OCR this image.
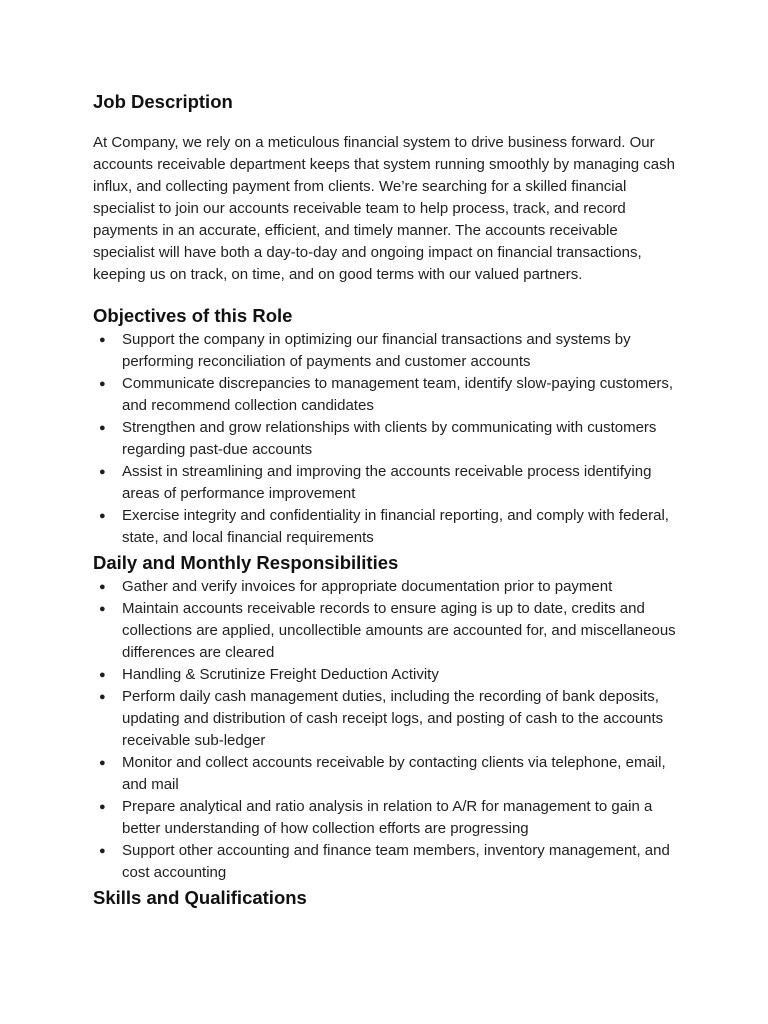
Job Description

At Company, we rely on a meticulous financial system to drive business forward. Our accounts receivable department keeps that system running smoothly by managing cash influx, and collecting payment from clients. We’re searching for a skilled financial specialist to join our accounts receivable team to help process, track, and record payments in an accurate, efficient, and timely manner. The accounts receivable specialist will have both a day-to-day and ongoing impact on financial transactions, keeping us on track, on time, and on good terms with our valued partners.

Objectives of this Role
● Support the company in optimizing our financial transactions and systems by performing reconciliation of payments and customer accounts
● Communicate discrepancies to management team, identify slow-paying customers, and recommend collection candidates
● Strengthen and grow relationships with clients by communicating with customers regarding past-due accounts
● Assist in streamlining and improving the accounts receivable process identifying areas of performance improvement
● Exercise integrity and confidentiality in financial reporting, and comply with federal, state, and local financial requirements
Daily and Monthly Responsibilities
● Gather and verify invoices for appropriate documentation prior to payment
● Maintain accounts receivable records to ensure aging is up to date, credits and collections are applied, uncollectible amounts are accounted for, and miscellaneous differences are cleared
● Handling & Scrutinize Freight Deduction Activity
● Perform daily cash management duties, including the recording of bank deposits, updating and distribution of cash receipt logs, and posting of cash to the accounts receivable sub-ledger
● Monitor and collect accounts receivable by contacting clients via telephone, email, and mail
● Prepare analytical and ratio analysis in relation to A/R for management to gain a better understanding of how collection efforts are progressing
● Support other accounting and finance team members, inventory management, and cost accounting
Skills and Qualifications
